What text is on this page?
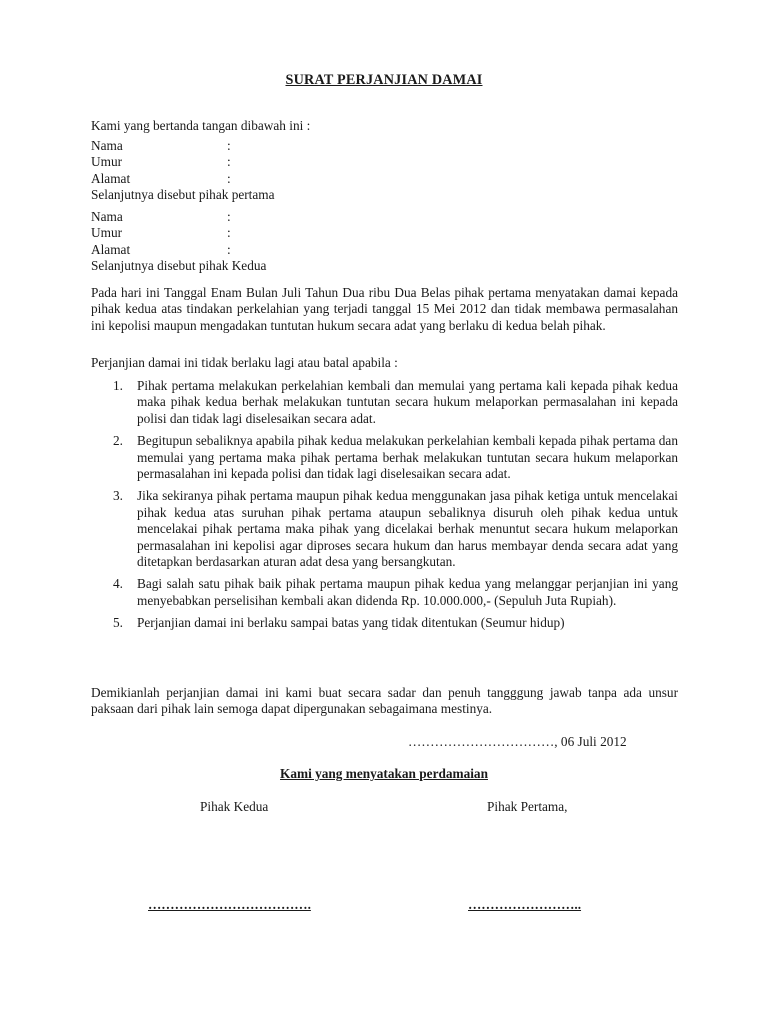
SURAT PERJANJIAN DAMAI
Kami yang bertanda tangan dibawah ini :
Nama	:
Umur	:
Alamat	:
Selanjutnya disebut pihak pertama
Nama	:
Umur	:
Alamat	:
Selanjutnya disebut pihak Kedua
Pada hari ini Tanggal Enam Bulan Juli Tahun Dua ribu Dua Belas pihak pertama menyatakan damai kepada pihak kedua atas tindakan perkelahian yang terjadi tanggal 15 Mei 2012 dan tidak membawa permasalahan ini kepolisi maupun mengadakan tuntutan hukum secara adat yang berlaku di kedua belah pihak.
Perjanjian damai ini tidak berlaku lagi atau batal apabila :
1.	Pihak pertama melakukan perkelahian kembali dan memulai yang pertama kali kepada pihak kedua maka pihak kedua berhak melakukan tuntutan secara hukum melaporkan permasalahan ini kepada polisi dan tidak lagi diselesaikan secara adat.
2.	Begitupun sebaliknya apabila pihak kedua melakukan perkelahian kembali kepada pihak pertama dan memulai yang pertama maka pihak pertama berhak melakukan tuntutan secara hukum melaporkan permasalahan ini kepada polisi dan tidak lagi diselesaikan secara adat.
3.	Jika sekiranya pihak pertama maupun pihak kedua menggunakan jasa pihak ketiga untuk mencelakai pihak kedua atas suruhan pihak pertama ataupun sebaliknya disuruh oleh pihak kedua untuk mencelakai pihak pertama maka pihak yang dicelakai berhak menuntut secara hukum melaporkan permasalahan ini kepolisi agar diproses secara hukum dan harus membayar denda secara adat yang ditetapkan berdasarkan aturan adat desa yang bersangkutan.
4.	Bagi salah satu pihak baik pihak pertama maupun pihak kedua yang melanggar perjanjian ini yang menyebabkan perselisihan kembali akan didenda Rp. 10.000.000,- (Sepuluh Juta Rupiah).
5.	Perjanjian damai ini berlaku sampai batas yang tidak ditentukan (Seumur hidup)
Demikianlah perjanjian damai ini kami buat secara sadar dan penuh tangggung jawab tanpa ada unsur paksaan dari pihak lain semoga dapat dipergunakan sebagaimana mestinya.
……………………………, 06 Juli 2012
Kami yang menyatakan perdamaian
Pihak Kedua	Pihak Pertama,
……………………………….	……………………..
